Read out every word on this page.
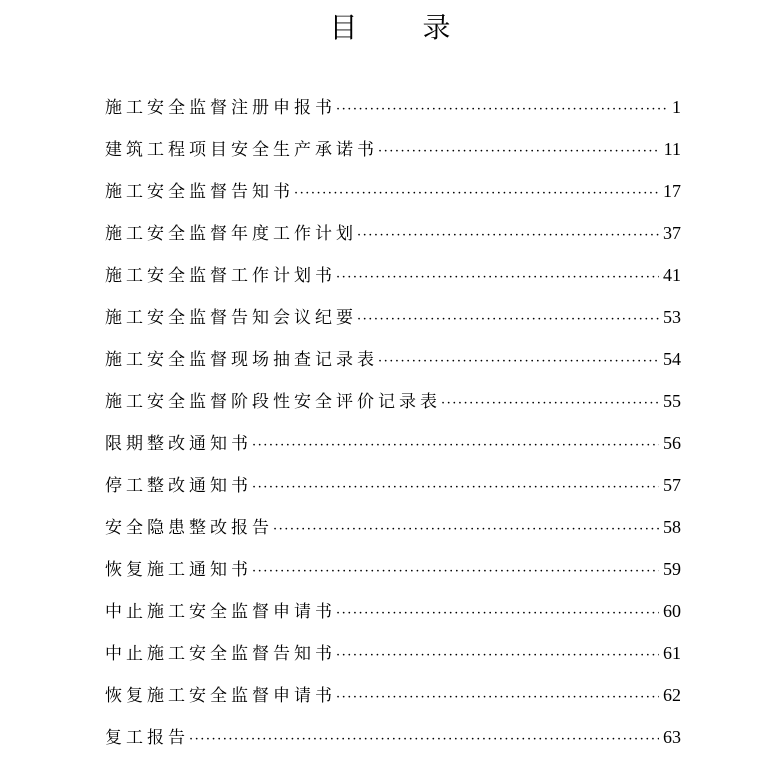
目 录
施工安全监督注册申报书 ·····	1
建筑工程项目安全生产承诺书 ·····	11
施工安全监督告知书 ·····	17
施工安全监督年度工作计划 ·····	37
施工安全监督工作计划书 ·····	41
施工安全监督告知会议纪要 ·····	53
施工安全监督现场抽查记录表 ·····	54
施工安全监督阶段性安全评价记录表 ·····	55
限期整改通知书 ·····	56
停工整改通知书 ·····	57
安全隐患整改报告 ·····	58
恢复施工通知书 ·····	59
中止施工安全监督申请书 ·····	60
中止施工安全监督告知书 ·····	61
恢复施工安全监督申请书 ·····	62
复工报告 ·····	63
